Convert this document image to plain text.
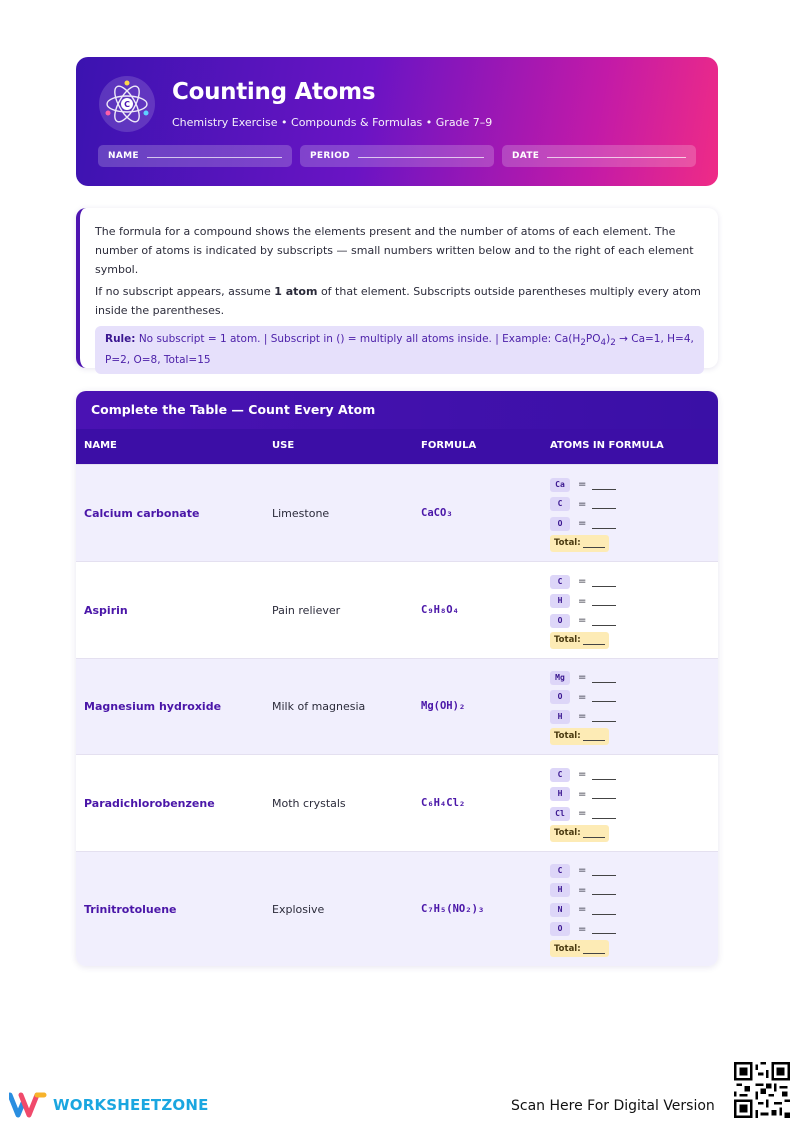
C Counting Atoms
Chemistry Exercise • Compounds & Formulas • Grade 7–9
NAME	PERIOD	DATE

The formula for a compound shows the elements present and the number of atoms of each element. The number of atoms is indicated by subscripts — small numbers written below and to the right of each element symbol.

If no subscript appears, assume 1 atom of that element. Subscripts outside parentheses multiply every atom inside the parentheses.

Rule: No subscript = 1 atom. | Subscript in () = multiply all atoms inside. | Example: $Ca(H_2PO_4)_2 \to Ca=1$, H=4, P=2, O=8, Total=15
Complete the Table — Count Every Atom
NAME	USE	FORMULA	ATOMS IN FORMULA
Calcium carbonate	Limestone	CaCO₃
Ca	=
C	=
O	=
Total:
Aspirin	Pain reliever	C₉H₈O₄
C	=
H	=
O	=
Total:
Magnesium hydroxide	Milk of magnesia	Mg(OH)₂
Mg	=
O	=
H	=
Total:
Paradichlorobenzene	Moth crystals	C₆H₄Cl₂
C	=
H	=
Cl	=
Total:
Trinitrotoluene	Explosive	C₇H₅(NO₂)₃
C	=
H	=
N	=
O	=
Total:
WORKSHEETZONE	Scan Here For Digital Version
